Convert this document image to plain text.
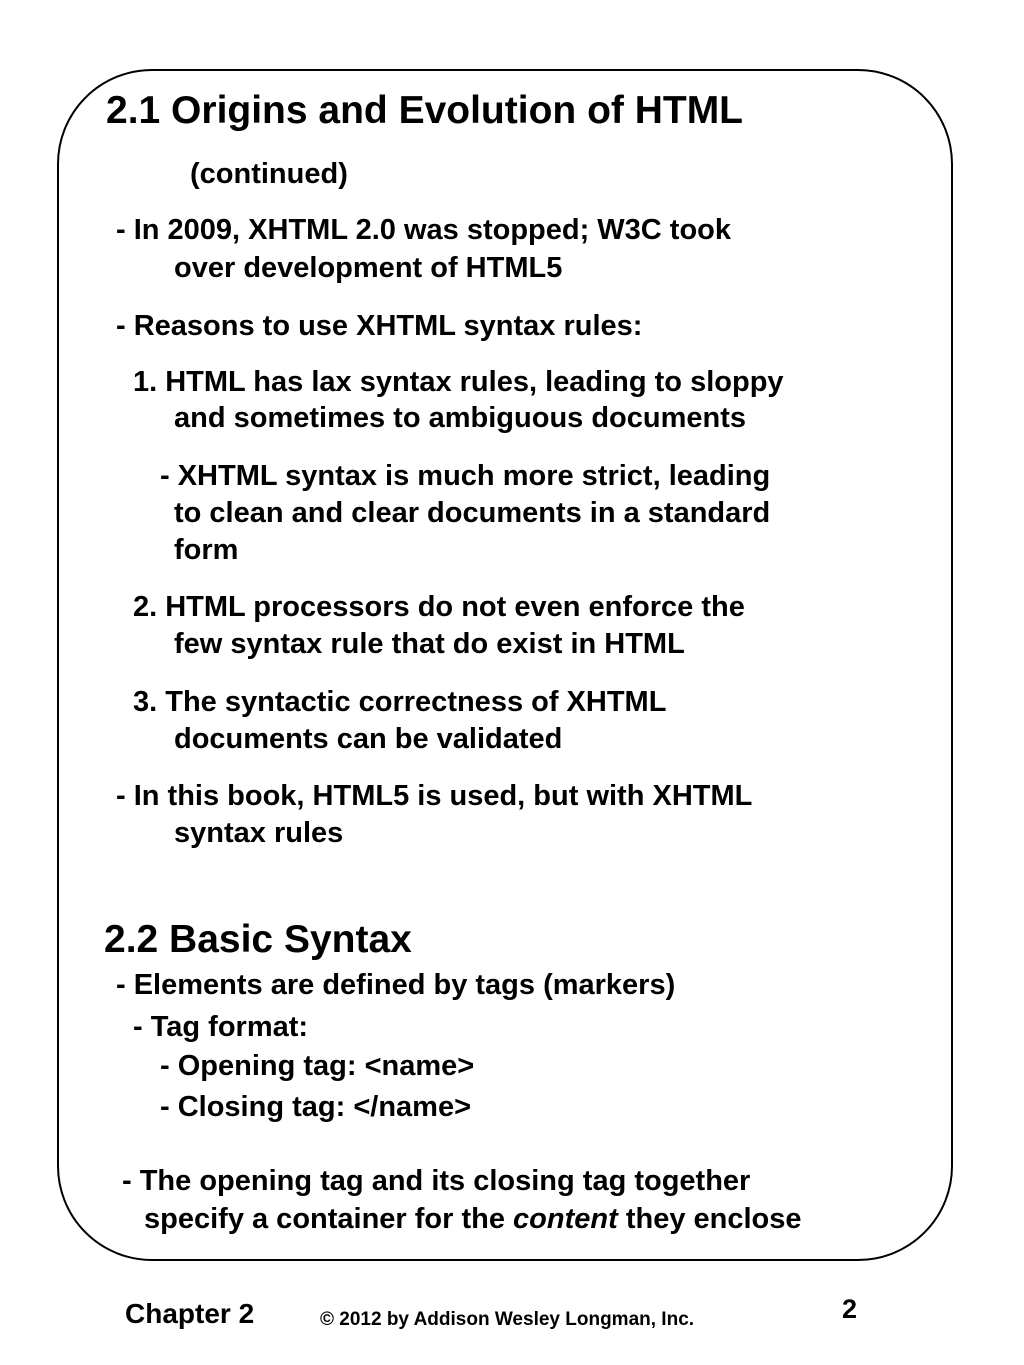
2.1 Origins and Evolution of HTML
(continued)
- In 2009, XHTML 2.0 was stopped; W3C took
over development of HTML5
- Reasons to use XHTML syntax rules:
1. HTML has lax syntax rules, leading to sloppy
and sometimes to ambiguous documents
- XHTML syntax is much more strict, leading
to clean and clear documents in a standard
form
2. HTML processors do not even enforce the
few syntax rule that do exist in HTML
3. The syntactic correctness of XHTML
documents can be validated
- In this book, HTML5 is used, but with XHTML
syntax rules
2.2 Basic Syntax
- Elements are defined by tags (markers)
- Tag format:
- Opening tag: <name>
- Closing tag: </name>
- The opening tag and its closing tag together
specify a container for the content they enclose
Chapter 2	© 2012 by Addison Wesley Longman, Inc.	2
